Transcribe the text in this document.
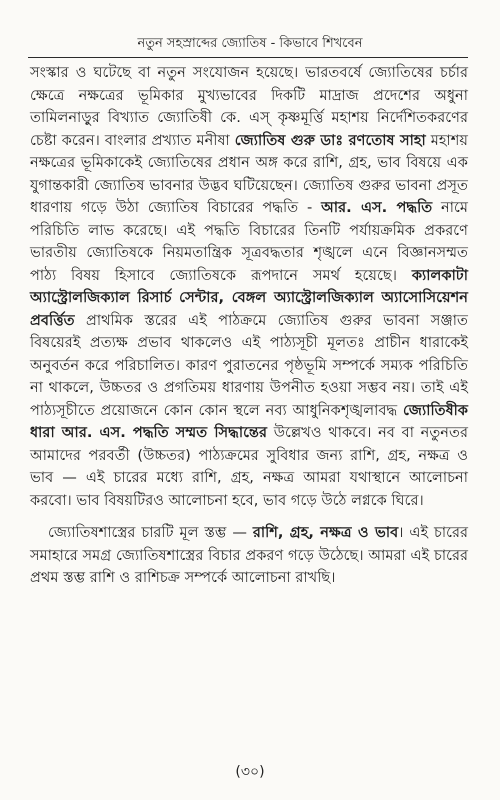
নতুন সহস্রাব্দের জ্যোতিষ - কিভাবে শিখবেন

সংস্কার ও ঘটেছে বা নতুন সংযোজন হয়েছে। ভারতবর্ষে জ্যোতিষের চর্চার ক্ষেত্রে নক্ষত্রের ভূমিকার মুখ্যভাবের দিকটি মাদ্রাজ প্রদেশের অধুনা তামিলনাড়ুর বিখ্যাত জ্যোতিষী কে. এস্ কৃষ্ণমূর্ত্তি মহাশয় নির্দেশিতকরণের চেষ্টা করেন। বাংলার প্রখ্যাত মনীষা জ্যোতিষ গুরু ডাঃ রণতোষ সাহা মহাশয় নক্ষত্রের ভূমিকাকেই জ্যোতিষের প্রধান অঙ্গ করে রাশি, গ্রহ, ভাব বিষয়ে এক যুগান্তকারী জ্যোতিষ ভাবনার উদ্ভব ঘটিয়েছেন। জ্যোতিষ গুরুর ভাবনা প্রসূত ধারণায় গড়ে উঠা জ্যোতিষ বিচারের পদ্ধতি - আর. এস. পদ্ধতি নামে পরিচিতি লাভ করেছে। এই পদ্ধতি বিচারের তিনটি পর্যায়ক্রমিক প্রকরণে ভারতীয় জ্যোতিষকে নিয়মতান্ত্রিক সূত্রবদ্ধতার শৃঙ্খলে এনে বিজ্ঞানসম্মত পাঠ্য বিষয় হিসাবে জ্যোতিষকে রূপদানে সমর্থ হয়েছে। ক্যালকাটা অ্যাস্ট্রোলজিক্যাল রিসার্চ সেন্টার, বেঙ্গল অ্যাস্ট্রোলজিক্যাল অ্যাসোসিয়েশন প্রবর্ত্তিত প্রাথমিক স্তরের এই পাঠক্রমে জ্যোতিষ গুরুর ভাবনা সঞ্জাত বিষয়েরই প্রত্যক্ষ প্রভাব থাকলেও এই পাঠ্যসূচী মূলতঃ প্রাচীন ধারাকেই অনুবর্তন করে পরিচালিত। কারণ পুরাতনের পৃষ্ঠভূমি সম্পর্কে সম্যক পরিচিতি না থাকলে, উচ্চতর ও প্রগতিময় ধারণায় উপনীত হওয়া সম্ভব নয়। তাই এই পাঠ্যসূচীতে প্রয়োজনে কোন কোন স্থলে নব্য আধুনিকশৃঙ্খলাবদ্ধ জ্যোতিষীক ধারা আর. এস. পদ্ধতি সম্মত সিদ্ধান্তের উল্লেখও থাকবে। নব বা নতুনতর আমাদের পরবর্তী (উচ্চতর) পাঠ্যক্রমের সুবিধার জন্য রাশি, গ্রহ, নক্ষত্র ও ভাব — এই চারের মধ্যে রাশি, গ্রহ, নক্ষত্র আমরা যথাস্থানে আলোচনা করবো। ভাব বিষয়টিরও আলোচনা হবে, ভাব গড়ে উঠে লগ্নকে ঘিরে।

জ্যোতিষশাস্ত্রের চারটি মূল স্তম্ভ — রাশি, গ্রহ, নক্ষত্র ও ভাব। এই চারের সমাহারে সমগ্র জ্যোতিষশাস্ত্রের বিচার প্রকরণ গড়ে উঠেছে। আমরা এই চারের প্রথম স্তম্ভ রাশি ও রাশিচক্র সম্পর্কে আলোচনা রাখছি।

(৩০)
